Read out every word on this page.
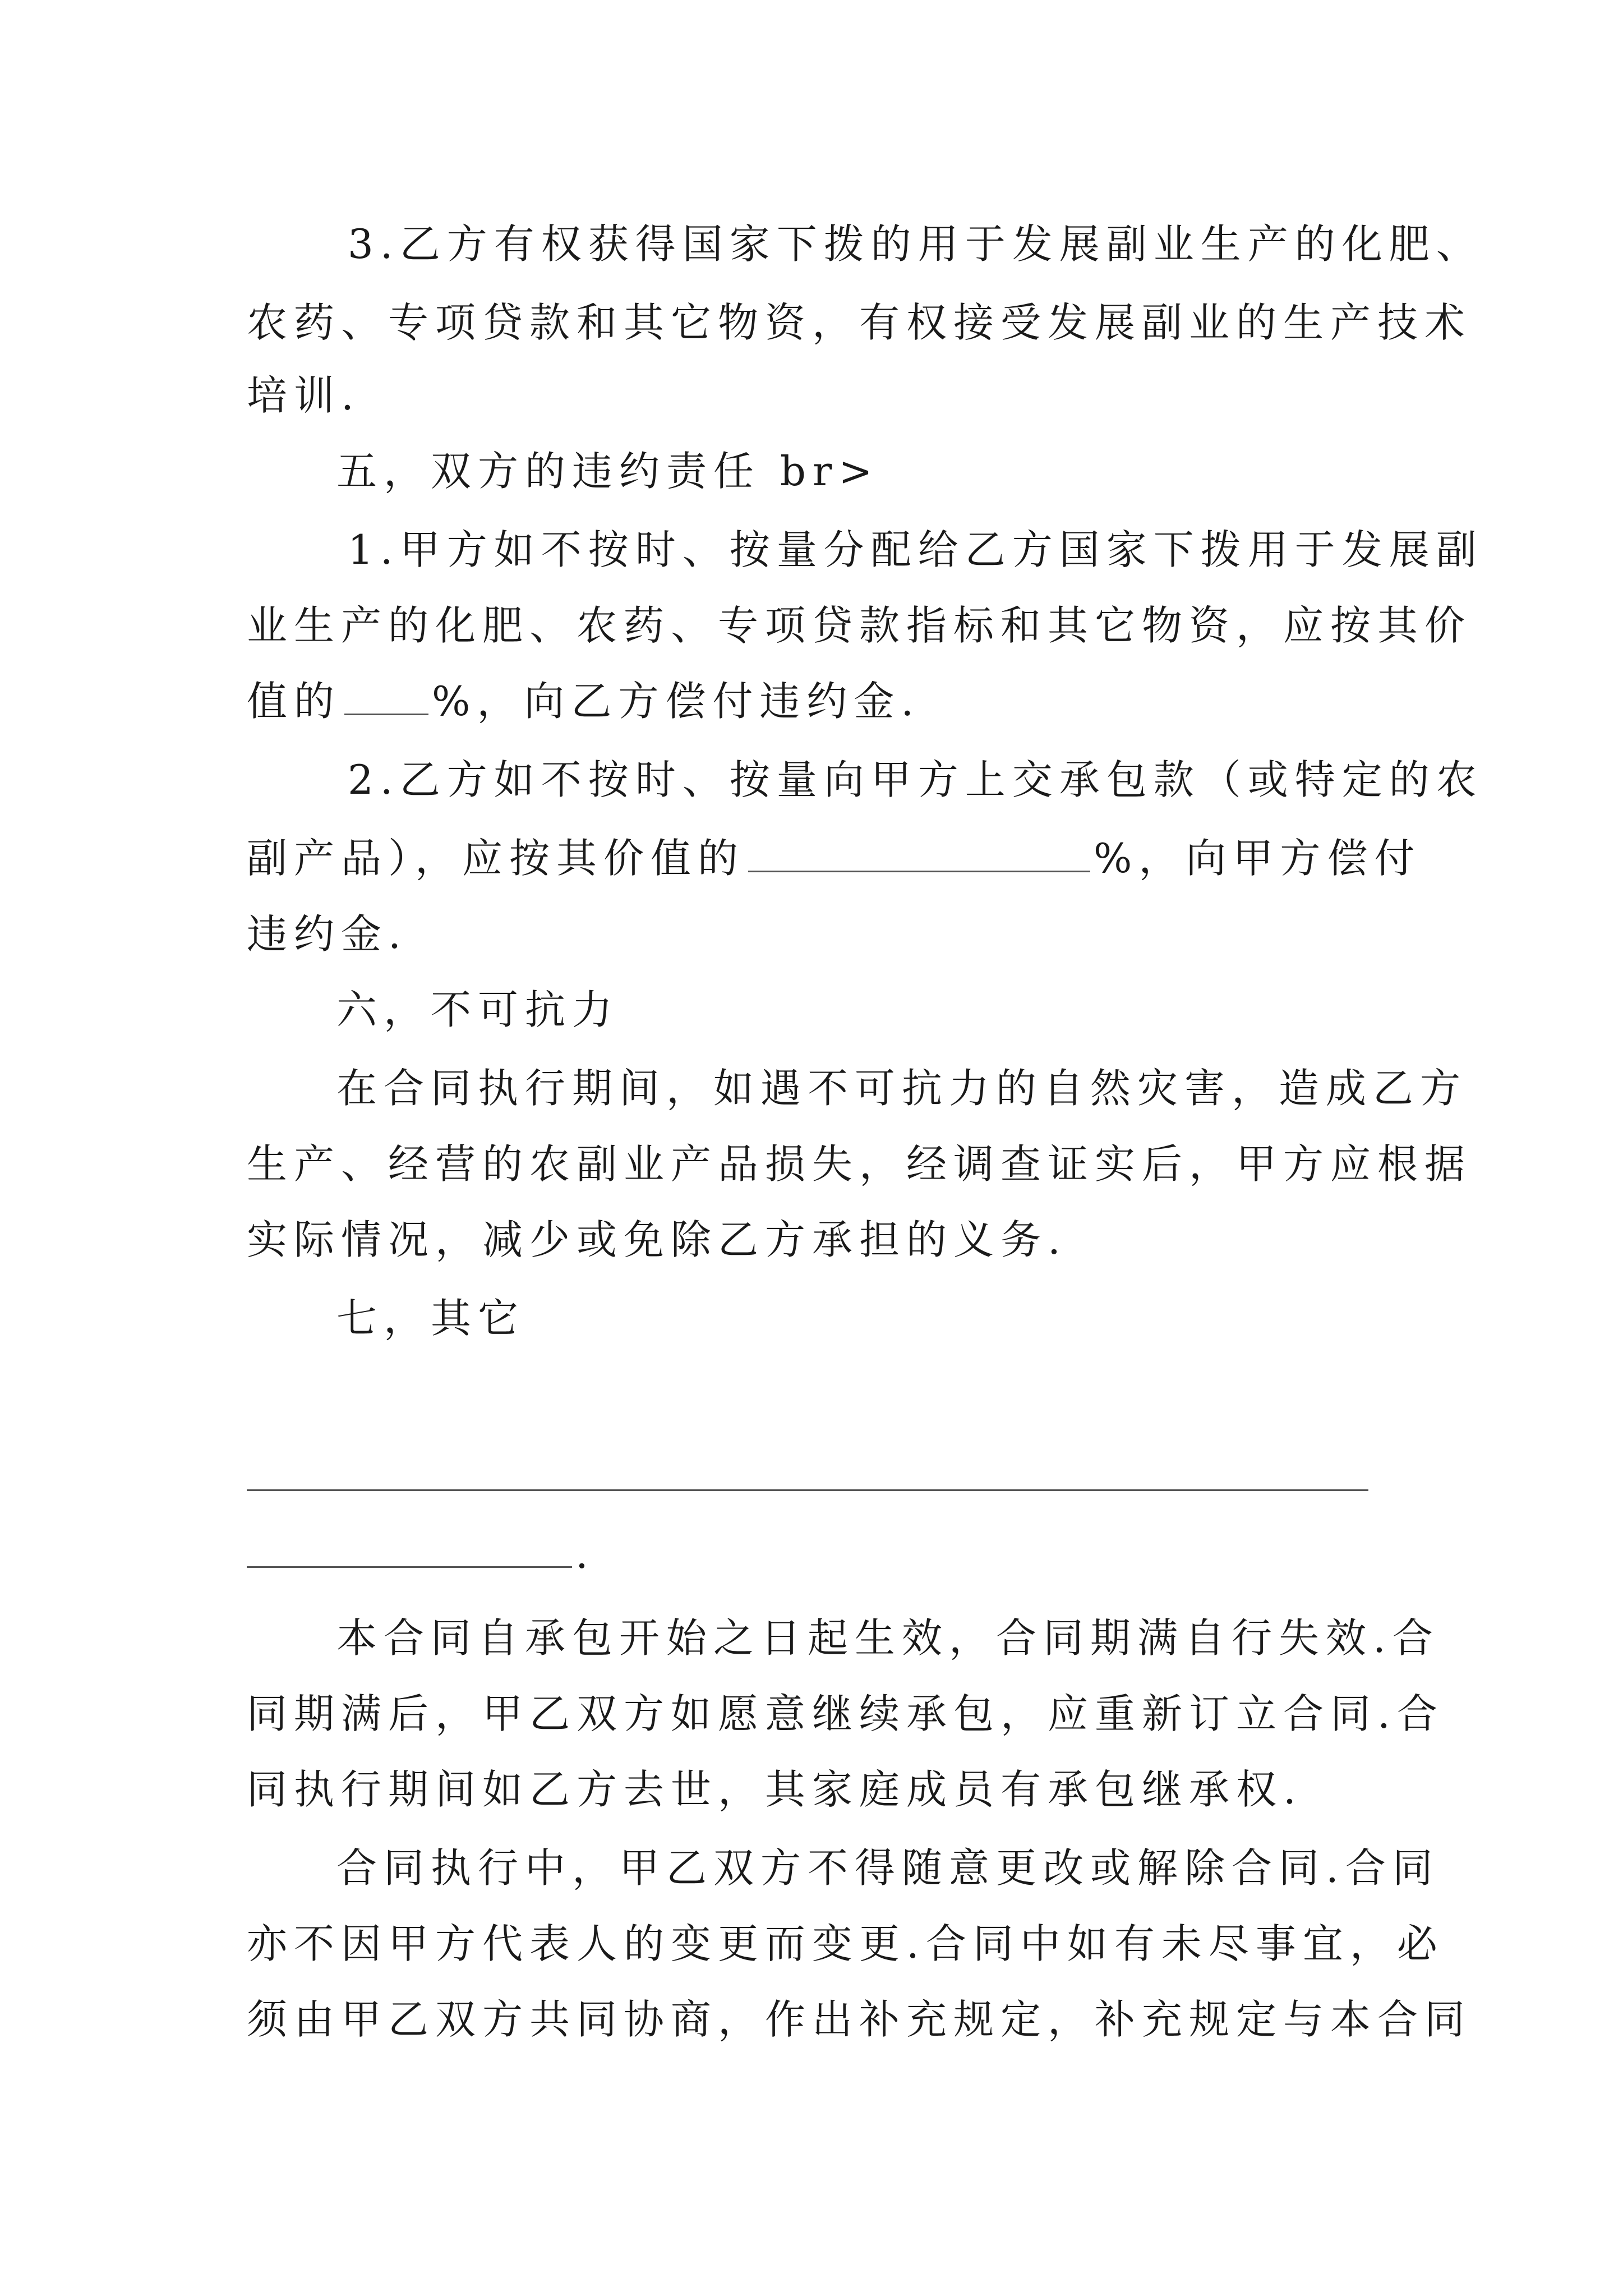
3.乙方有权获得国家下拨的用于发展副业生产的化肥、

农药、专项贷款和其它物资，有权接受发展副业的生产技术

培训.

五，双方的违约责任 br>

1.甲方如不按时、按量分配给乙方国家下拨用于发展副

业生产的化肥、农药、专项贷款指标和其它物资，应按其价

值的 %，向乙方偿付违约金.

2.乙方如不按时、按量向甲方上交承包款（或特定的农

副产品），应按其价值的	%，向甲方偿付

违约金.

六，不可抗力

在合同执行期间，如遇不可抗力的自然灾害，造成乙方

生产、经营的农副业产品损失，经调查证实后，甲方应根据

实际情况，减少或免除乙方承担的义务.

七，其它

.

本合同自承包开始之日起生效，合同期满自行失效.合

同期满后，甲乙双方如愿意继续承包，应重新订立合同.合

同执行期间如乙方去世，其家庭成员有承包继承权.

合同执行中，甲乙双方不得随意更改或解除合同.合同

亦不因甲方代表人的变更而变更.合同中如有未尽事宜，必

须由甲乙双方共同协商，作出补充规定，补充规定与本合同
